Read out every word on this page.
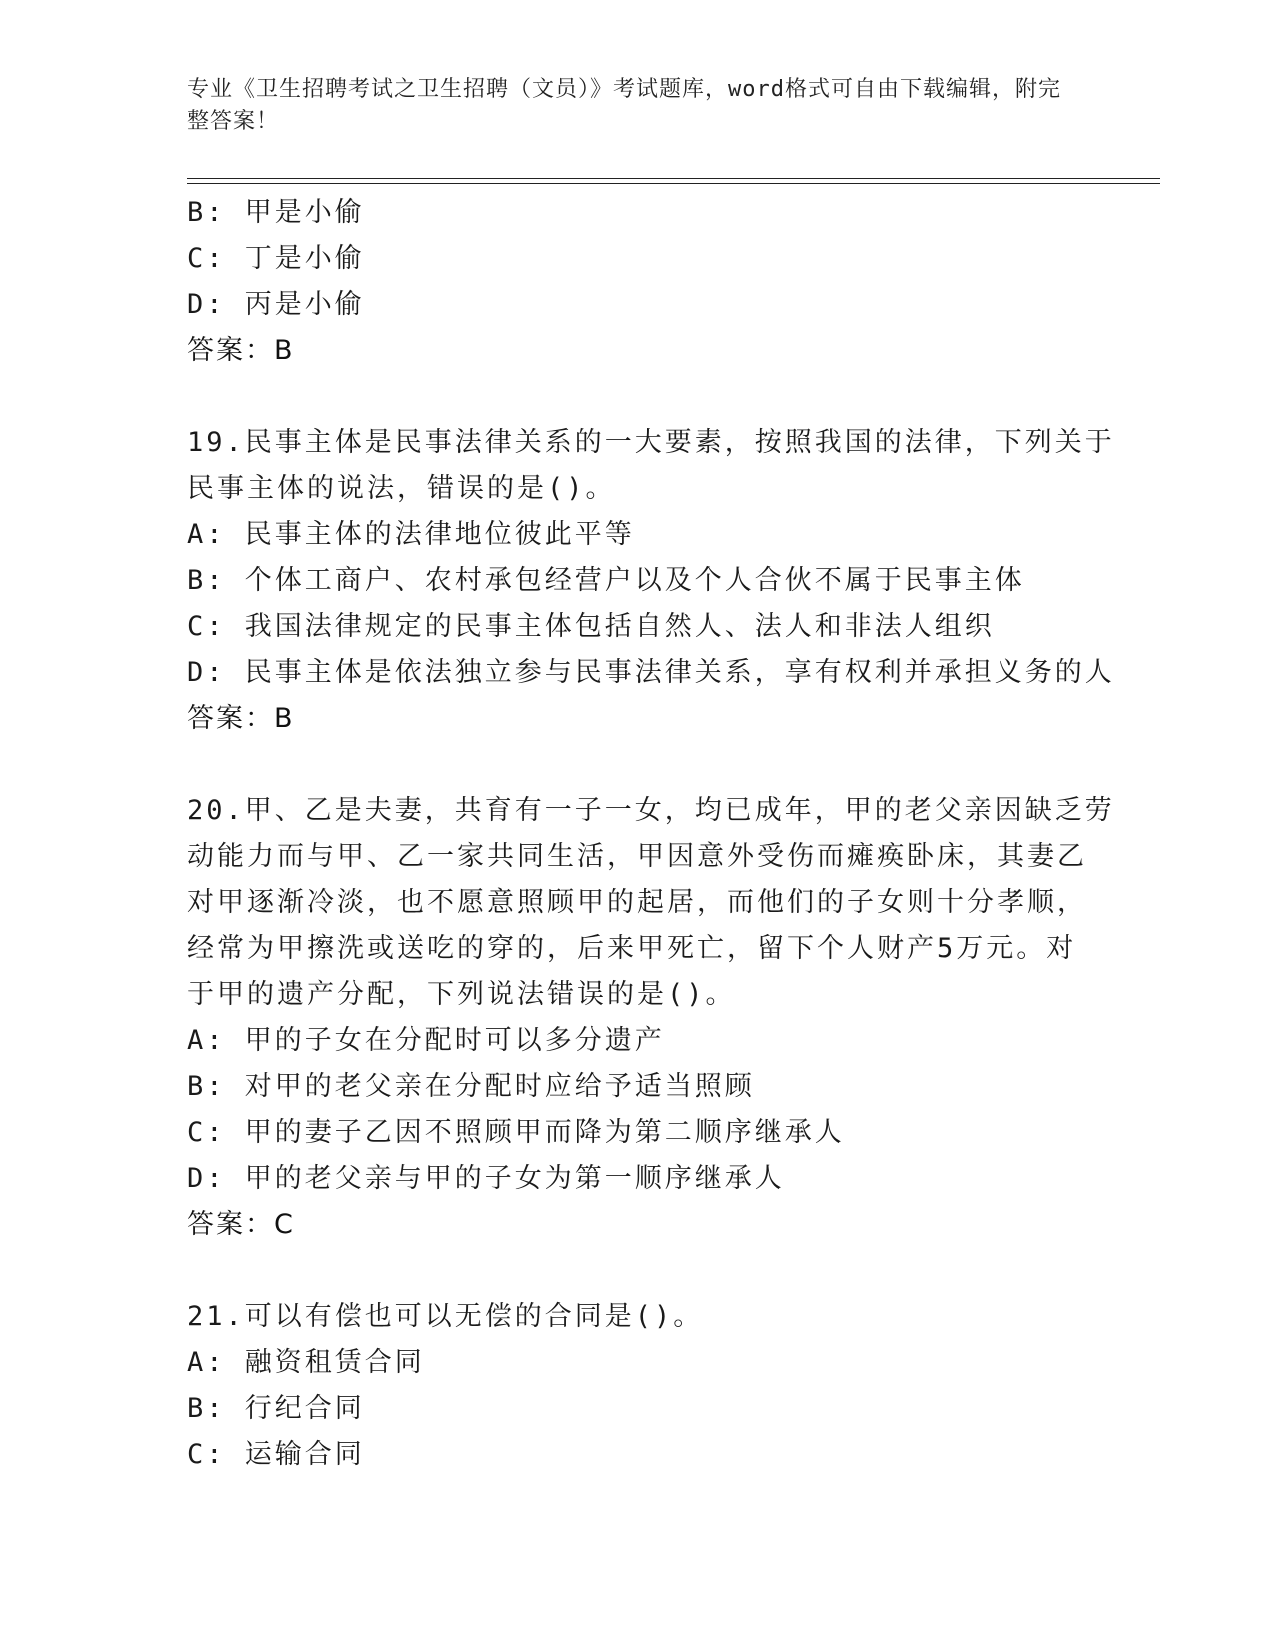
专业《卫生招聘考试之卫生招聘（文员）》考试题库，word格式可自由下载编辑，附完整答案！
B: 甲是小偷
C: 丁是小偷
D: 丙是小偷
答案：B
19.民事主体是民事法律关系的一大要素，按照我国的法律，下列关于
民事主体的说法，错误的是()。
A: 民事主体的法律地位彼此平等
B: 个体工商户、农村承包经营户以及个人合伙不属于民事主体
C: 我国法律规定的民事主体包括自然人、法人和非法人组织
D: 民事主体是依法独立参与民事法律关系，享有权利并承担义务的人
答案：B
20.甲、乙是夫妻，共育有一子一女，均已成年，甲的老父亲因缺乏劳
动能力而与甲、乙一家共同生活，甲因意外受伤而瘫痪卧床，其妻乙
对甲逐渐冷淡，也不愿意照顾甲的起居，而他们的子女则十分孝顺，
经常为甲擦洗或送吃的穿的，后来甲死亡，留下个人财产5万元。对
于甲的遗产分配，下列说法错误的是()。
A: 甲的子女在分配时可以多分遗产
B: 对甲的老父亲在分配时应给予适当照顾
C: 甲的妻子乙因不照顾甲而降为第二顺序继承人
D: 甲的老父亲与甲的子女为第一顺序继承人
答案：C
21.可以有偿也可以无偿的合同是()。
A: 融资租赁合同
B: 行纪合同
C: 运输合同
